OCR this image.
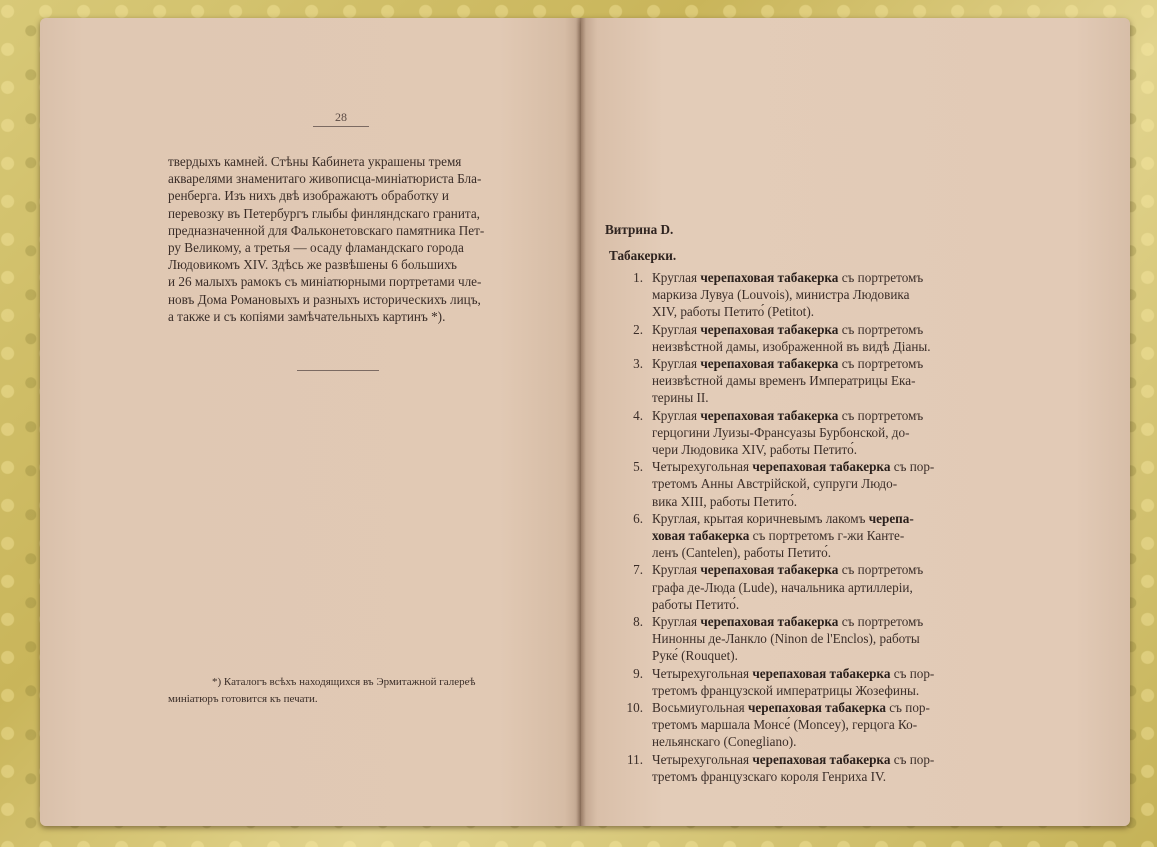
28
твердыхъ камней. Стѣны Кабинета украшены тремя
акварелями знаменитаго живописца-миніатюриста Бла-
ренберга. Изъ нихъ двѣ изображаютъ обработку и
перевозку въ Петербургъ глыбы финляндскаго гранита,
предназначенной для Фальконетовскаго памятника Пет-
ру Великому, а третья — осаду фламандскаго города
Людовикомъ XIV. Здѣсь же развѣшены 6 большихъ
и 26 малыхъ рамокъ съ миніатюрными портретами чле-
новъ Дома Романовыхъ и разныхъ историческихъ лицъ,
а также и съ копіями замѣчательныхъ картинъ *).
*) Каталогъ всѣхъ находящихся въ Эрмитажной галереѣ
миніатюръ готовится къ печати.
Витрина D.
Табакерки.
1. Круглая черепаховая табакерка съ портретомъ
маркиза Лувуа (Louvois), министра Людовика
XIV, работы Петито́ (Petitot).
2. Круглая черепаховая табакерка съ портретомъ
неизвѣстной дамы, изображенной въ видѣ Діаны.
3. Круглая черепаховая табакерка съ портретомъ
неизвѣстной дамы временъ Императрицы Ека-
терины II.
4. Круглая черепаховая табакерка съ портретомъ
герцогини Луизы-Франсуазы Бурбонской, до-
чери Людовика XIV, работы Петито́.
5. Четырехугольная черепаховая табакерка съ пор-
третомъ Анны Австрійской, супруги Людо-
вика XIII, работы Петито́.
6. Круглая, крытая коричневымъ лакомъ черепа-
ховая табакерка съ портретомъ г-жи Канте-
ленъ (Cantelen), работы Петито́.
7. Круглая черепаховая табакерка съ портретомъ
графа де-Люда (Lude), начальника артиллеріи,
работы Петито́.
8. Круглая черепаховая табакерка съ портретомъ
Нинонны де-Ланкло (Ninon de l'Enclos), работы
Руке́ (Rouquet).
9. Четырехугольная черепаховая табакерка съ пор-
третомъ французской императрицы Жозефины.
10. Восьмиугольная черепаховая табакерка съ пор-
третомъ маршала Монсе́ (Moncey), герцога Ко-
нельянскаго (Conegliano).
11. Четырехугольная черепаховая табакерка съ пор-
третомъ французскаго короля Генриха IV.
